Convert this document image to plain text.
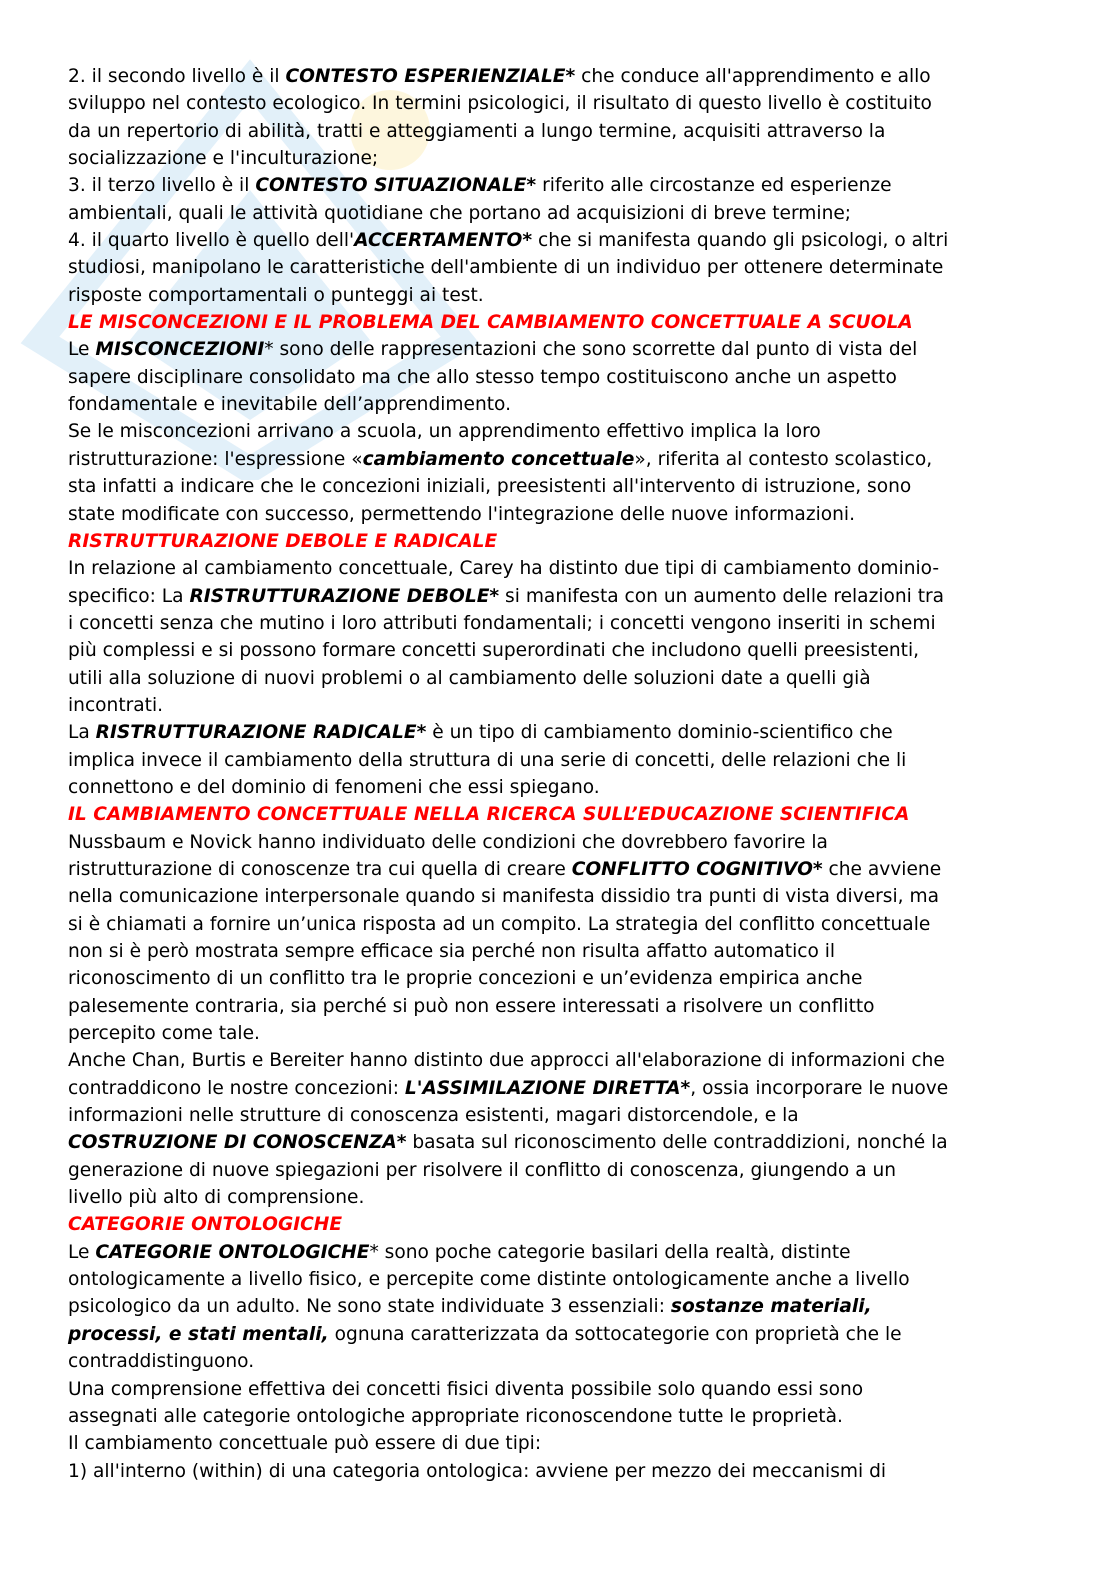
2. il secondo livello è il CONTESTO ESPERIENZIALE* che conduce all'apprendimento e allo

sviluppo nel contesto ecologico. In termini psicologici, il risultato di questo livello è costituito

da un repertorio di abilità, tratti e atteggiamenti a lungo termine, acquisiti attraverso la

socializzazione e l'inculturazione;

3. il terzo livello è il CONTESTO SITUAZIONALE* riferito alle circostanze ed esperienze

ambientali, quali le attività quotidiane che portano ad acquisizioni di breve termine;

4. il quarto livello è quello dell'ACCERTAMENTO* che si manifesta quando gli psicologi, o altri

studiosi, manipolano le caratteristiche dell'ambiente di un individuo per ottenere determinate

risposte comportamentali o punteggi ai test.

LE MISCONCEZIONI E IL PROBLEMA DEL CAMBIAMENTO CONCETTUALE A SCUOLA

Le MISCONCEZIONI* sono delle rappresentazioni che sono scorrette dal punto di vista del

sapere disciplinare consolidato ma che allo stesso tempo costituiscono anche un aspetto

fondamentale e inevitabile dell’apprendimento.

Se le misconcezioni arrivano a scuola, un apprendimento effettivo implica la loro

ristrutturazione: l'espressione «cambiamento concettuale», riferita al contesto scolastico,

sta infatti a indicare che le concezioni iniziali, preesistenti all'intervento di istruzione, sono

state modificate con successo, permettendo l'integrazione delle nuove informazioni.

RISTRUTTURAZIONE DEBOLE E RADICALE

In relazione al cambiamento concettuale, Carey ha distinto due tipi di cambiamento dominio-

specifico: La RISTRUTTURAZIONE DEBOLE* si manifesta con un aumento delle relazioni tra

i concetti senza che mutino i loro attributi fondamentali; i concetti vengono inseriti in schemi

più complessi e si possono formare concetti superordinati che includono quelli preesistenti,

utili alla soluzione di nuovi problemi o al cambiamento delle soluzioni date a quelli già

incontrati.

La RISTRUTTURAZIONE RADICALE* è un tipo di cambiamento dominio-scientifico che

implica invece il cambiamento della struttura di una serie di concetti, delle relazioni che li

connettono e del dominio di fenomeni che essi spiegano.

IL CAMBIAMENTO CONCETTUALE NELLA RICERCA SULL’EDUCAZIONE SCIENTIFICA

Nussbaum e Novick hanno individuato delle condizioni che dovrebbero favorire la

ristrutturazione di conoscenze tra cui quella di creare CONFLITTO COGNITIVO* che avviene

nella comunicazione interpersonale quando si manifesta dissidio tra punti di vista diversi, ma

si è chiamati a fornire un’unica risposta ad un compito. La strategia del conflitto concettuale

non si è però mostrata sempre efficace sia perché non risulta affatto automatico il

riconoscimento di un conflitto tra le proprie concezioni e un’evidenza empirica anche

palesemente contraria, sia perché si può non essere interessati a risolvere un conflitto

percepito come tale.

Anche Chan, Burtis e Bereiter hanno distinto due approcci all'elaborazione di informazioni che

contraddicono le nostre concezioni: L'ASSIMILAZIONE DIRETTA*, ossia incorporare le nuove

informazioni nelle strutture di conoscenza esistenti, magari distorcendole, e la

COSTRUZIONE DI CONOSCENZA* basata sul riconoscimento delle contraddizioni, nonché la

generazione di nuove spiegazioni per risolvere il conflitto di conoscenza, giungendo a un

livello più alto di comprensione.

CATEGORIE ONTOLOGICHE

Le CATEGORIE ONTOLOGICHE* sono poche categorie basilari della realtà, distinte

ontologicamente a livello fisico, e percepite come distinte ontologicamente anche a livello

psicologico da un adulto. Ne sono state individuate 3 essenziali: sostanze materiali,

processi, e stati mentali, ognuna caratterizzata da sottocategorie con proprietà che le

contraddistinguono.

Una comprensione effettiva dei concetti fisici diventa possibile solo quando essi sono

assegnati alle categorie ontologiche appropriate riconoscendone tutte le proprietà.

Il cambiamento concettuale può essere di due tipi:

1) all'interno (within) di una categoria ontologica: avviene per mezzo dei meccanismi di
